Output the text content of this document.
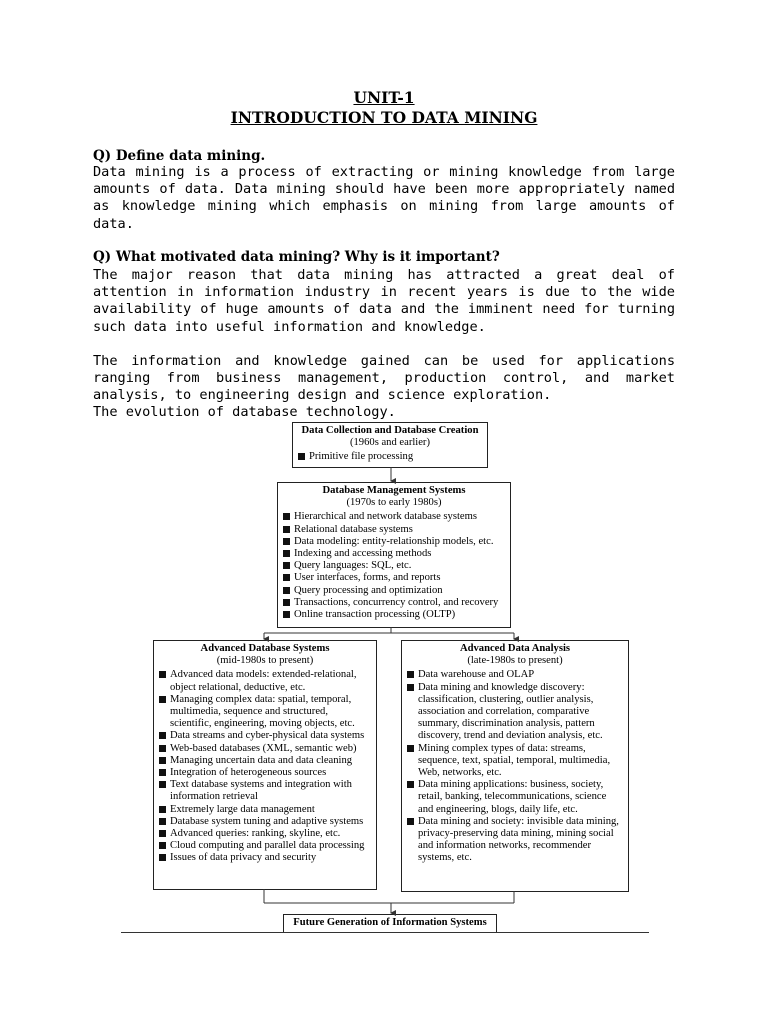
UNIT-1
INTRODUCTION TO DATA MINING
Q) Define data mining.
Data mining is a process of extracting or mining knowledge from large amounts of data. Data mining should have been more appropriately named as knowledge mining which emphasis on mining from large amounts of data.
Q) What motivated data mining? Why is it important?
The major reason that data mining has attracted a great deal of attention in information industry in recent years is due to the wide availability of huge amounts of data and the imminent need for turning such data into useful information and knowledge.
The information and knowledge gained can be used for applications ranging from business management, production control, and market analysis, to engineering design and science exploration.
The evolution of database technology.
Data Collection and Database Creation
(1960s and earlier)
Primitive file processing
Database Management Systems
(1970s to early 1980s)
Hierarchical and network database systems
Relational database systems
Data modeling: entity-relationship models, etc.
Indexing and accessing methods
Query languages: SQL, etc.
User interfaces, forms, and reports
Query processing and optimization
Transactions, concurrency control, and recovery
Online transaction processing (OLTP)
Advanced Database Systems
(mid-1980s to present)
Advanced data models: extended-relational, object relational, deductive, etc.
Managing complex data: spatial, temporal, multimedia, sequence and structured, scientific, engineering, moving objects, etc.
Data streams and cyber-physical data systems
Web-based databases (XML, semantic web)
Managing uncertain data and data cleaning
Integration of heterogeneous sources
Text database systems and integration with information retrieval
Extremely large data management
Database system tuning and adaptive systems
Advanced queries: ranking, skyline, etc.
Cloud computing and parallel data processing
Issues of data privacy and security
Advanced Data Analysis
(late-1980s to present)
Data warehouse and OLAP
Data mining and knowledge discovery: classification, clustering, outlier analysis, association and correlation, comparative summary, discrimination analysis, pattern discovery, trend and deviation analysis, etc.
Mining complex types of data: streams, sequence, text, spatial, temporal, multimedia, Web, networks, etc.
Data mining applications: business, society, retail, banking, telecommunications, science and engineering, blogs, daily life, etc.
Data mining and society: invisible data mining, privacy-preserving data mining, mining social and information networks, recommender systems, etc.
Future Generation of Information Systems
